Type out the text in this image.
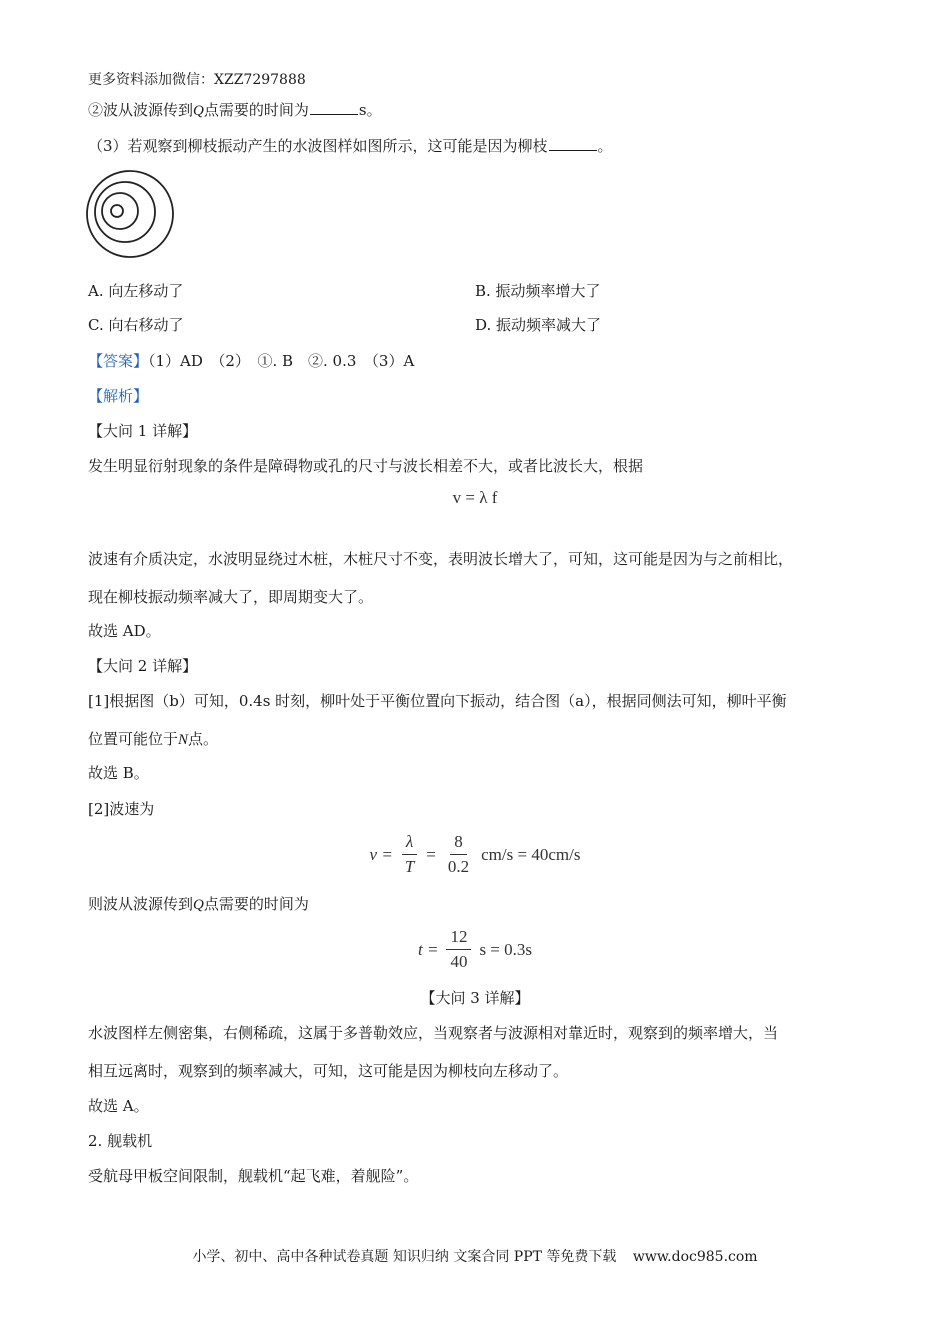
更多资料添加微信：XZZ7297888
②波从波源传到Q点需要的时间为	s。
（3）若观察到柳枝振动产生的水波图样如图所示，这可能是因为柳枝	。
A. 向左移动了	B. 振动频率增大了
C. 向右移动了	D. 振动频率减大了
【答案】（1）AD　（2）　①. B　②. 0.3　（3）A
【解析】
【大问 1 详解】
发生明显衍射现象的条件是障碍物或孔的尺寸与波长相差不大，或者比波长大，根据
v = λ f
波速有介质决定，水波明显绕过木桩，木桩尺寸不变，表明波长增大了，可知，这可能是因为与之前相比，
现在柳枝振动频率减大了，即周期变大了。
故选 AD。
【大问 2 详解】
[1]根据图（b）可知，0.4s 时刻，柳叶处于平衡位置向下振动，结合图（a），根据同侧法可知，柳叶平衡
位置可能位于N点。
故选 B。
[2]波速为
$v = \frac{\lambda}{T} = \frac{8}{0.2} cm/s = 40cm/s$
则波从波源传到Q点需要的时间为
$t = \frac{12}{40}$ s = 0.3s
【大问 3 详解】
水波图样左侧密集，右侧稀疏，这属于多普勒效应，当观察者与波源相对靠近时，观察到的频率增大，当
相互远离时，观察到的频率减大，可知，这可能是因为柳枝向左移动了。
故选 A。
2. 舰载机
受航母甲板空间限制，舰载机“起飞难，着舰险”。
小学、初中、高中各种试卷真题 知识归纳 文案合同 PPT 等免费下载 www.doc985.com
